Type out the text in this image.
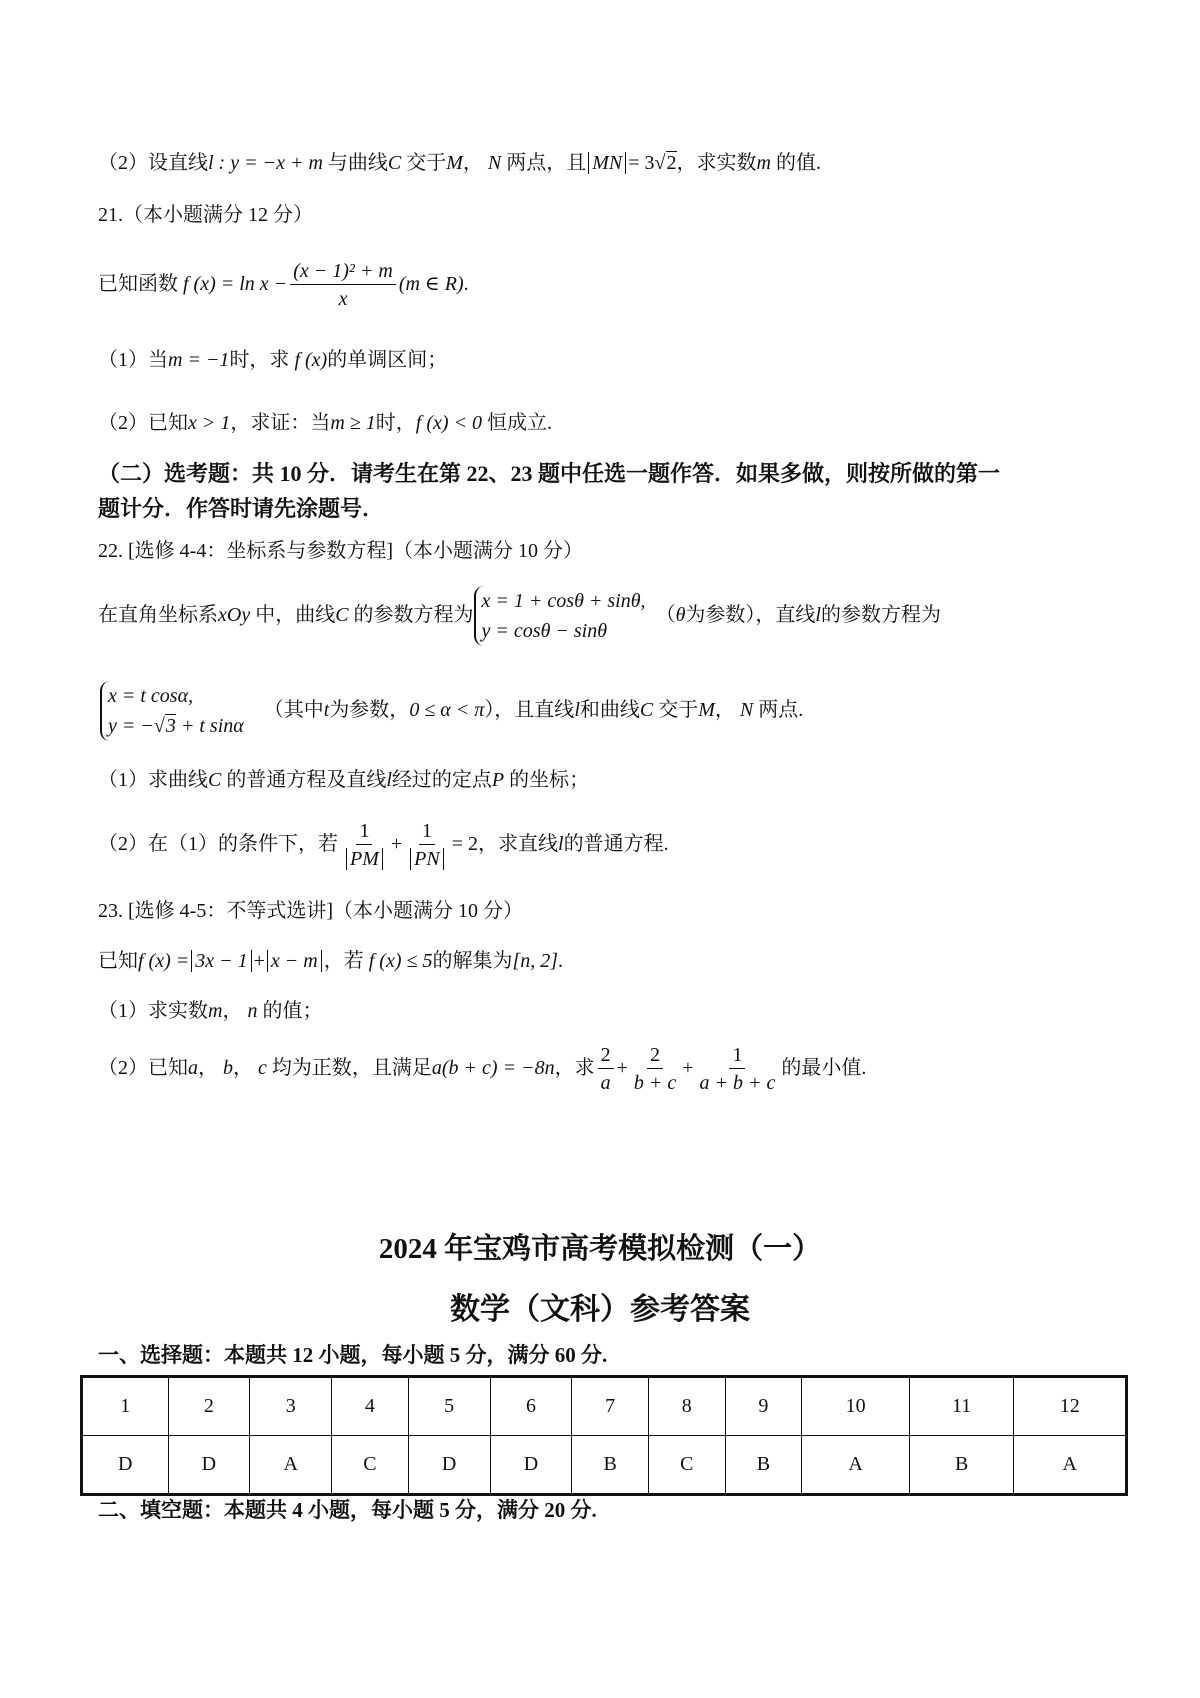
（2）设直线l : y = −x + m 与曲线C 交于M， N 两点，且 MN = 3√2，求实数m 的值.
21.（本小题满分 12 分）
已知函数 f $(x) = \ln x - \frac{\text{(x − 1)² + m}}{x} (m$ ∈ R).
（1）当m = −1时，求 f (x)的单调区间；
（2）已知x > 1，求证：当m ≥ 1时，f (x) < 0 恒成立.
（二）选考题：共 10 分．请考生在第 22、23 题中任选一题作答．如果多做，则按所做的第一
题计分．作答时请先涂题号．
22. [选修 4-4：坐标系与参数方程]（本小题满分 10 分）
在直角坐标系xOy 中，曲线C 的参数方程为
x = 1 + cosθ + sinθ,
y = cosθ − sinθ
（θ为参数），直线l的参数方程为
x = t cosα,
y = −√3 + t sinα
（其中t为参数，0 ≤ α < π），且直线l和曲线C 交于M， N 两点.
（1）求曲线C 的普通方程及直线l经过的定点P 的坐标；
（2）在（1）的条件下，若 $\frac{1}{PM} + \frac{1}{PN} = 2$，求直线l的普通方程.
23. [选修 4-5：不等式选讲]（本小题满分 10 分）
已知f (x) = 3x − 1 + x − m ，若 f (x) ≤ 5的解集为[n, 2].
（1）求实数m， n 的值；
（2）已知a， b， c 均为正数，且满足a(b + c) = −8n，求 $\frac{2}{a} + \frac{2}{b + c} + \frac{1}{a + b + c}$ 的最小值.
2024 年宝鸡市高考模拟检测（一）
数学（文科）参考答案
一、选择题：本题共 12 小题，每小题 5 分，满分 60 分.
1	2	3	4	5	6	7	8	9	10	11	12
D	D	A	C	D	D	B	C	B	A	B	A
二、填空题：本题共 4 小题，每小题 5 分，满分 20 分.
